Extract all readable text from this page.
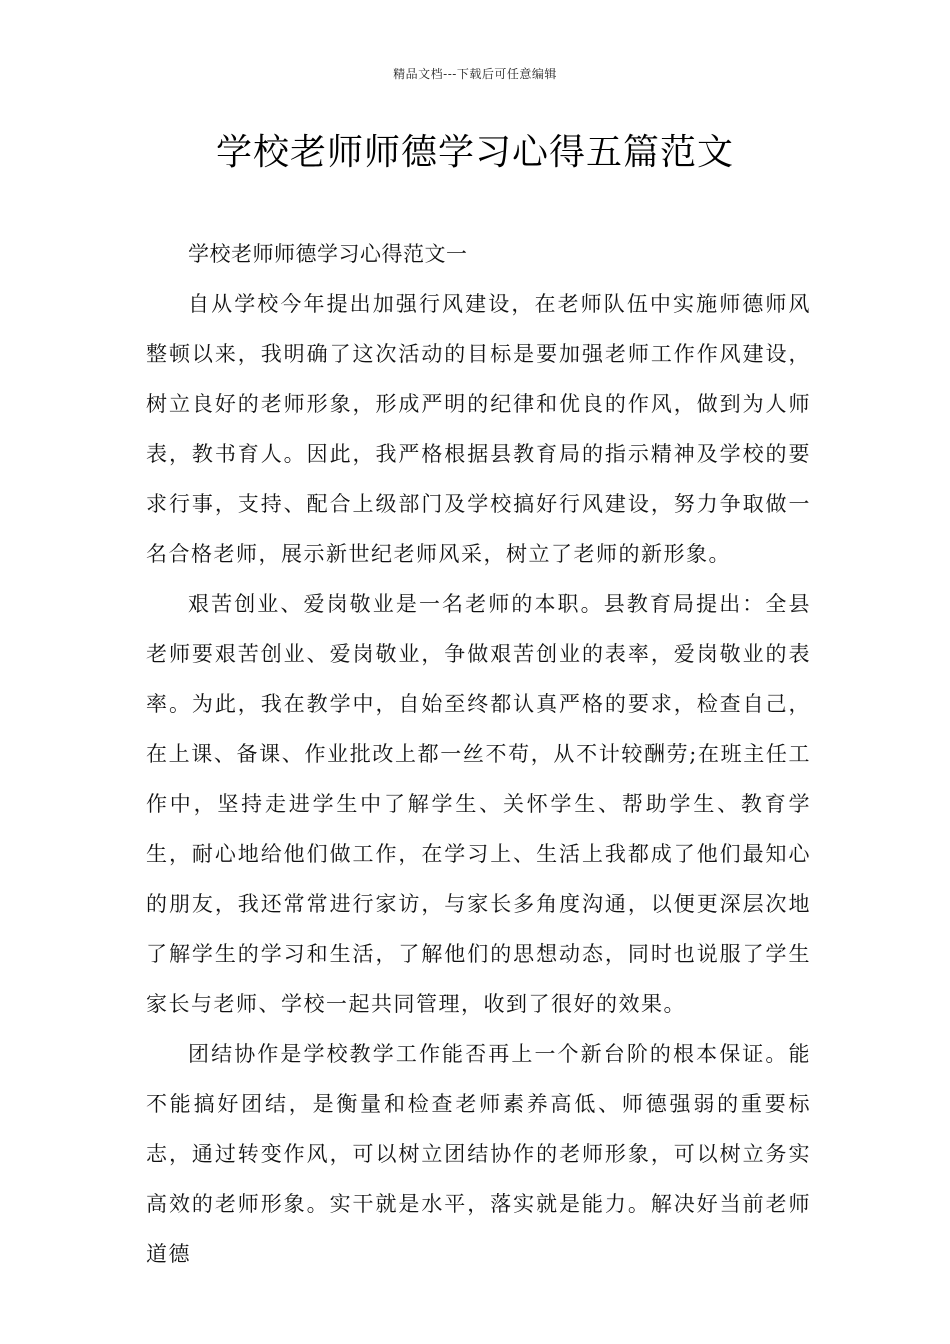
精品文档---下载后可任意编辑
学校老师师德学习心得五篇范文

学校老师师德学习心得范文一

自从学校今年提出加强行风建设，在老师队伍中实施师德师风整顿以来，我明确了这次活动的目标是要加强老师工作作风建设，树立良好的老师形象，形成严明的纪律和优良的作风，做到为人师表，教书育人。因此，我严格根据县教育局的指示精神及学校的要求行事，支持、配合上级部门及学校搞好行风建设，努力争取做一名合格老师，展示新世纪老师风采，树立了老师的新形象。

艰苦创业、爱岗敬业是一名老师的本职。县教育局提出：全县老师要艰苦创业、爱岗敬业，争做艰苦创业的表率，爱岗敬业的表率。为此，我在教学中，自始至终都认真严格的要求，检查自己，在上课、备课、作业批改上都一丝不苟，从不计较酬劳;在班主任工作中，坚持走进学生中了解学生、关怀学生、帮助学生、教育学生，耐心地给他们做工作，在学习上、生活上我都成了他们最知心的朋友，我还常常进行家访，与家长多角度沟通，以便更深层次地了解学生的学习和生活，了解他们的思想动态，同时也说服了学生家长与老师、学校一起共同管理，收到了很好的效果。

团结协作是学校教学工作能否再上一个新台阶的根本保证。能不能搞好团结，是衡量和检查老师素养高低、师德强弱的重要标志，通过转变作风，可以树立团结协作的老师形象，可以树立务实高效的老师形象。实干就是水平，落实就是能力。解决好当前老师道德
